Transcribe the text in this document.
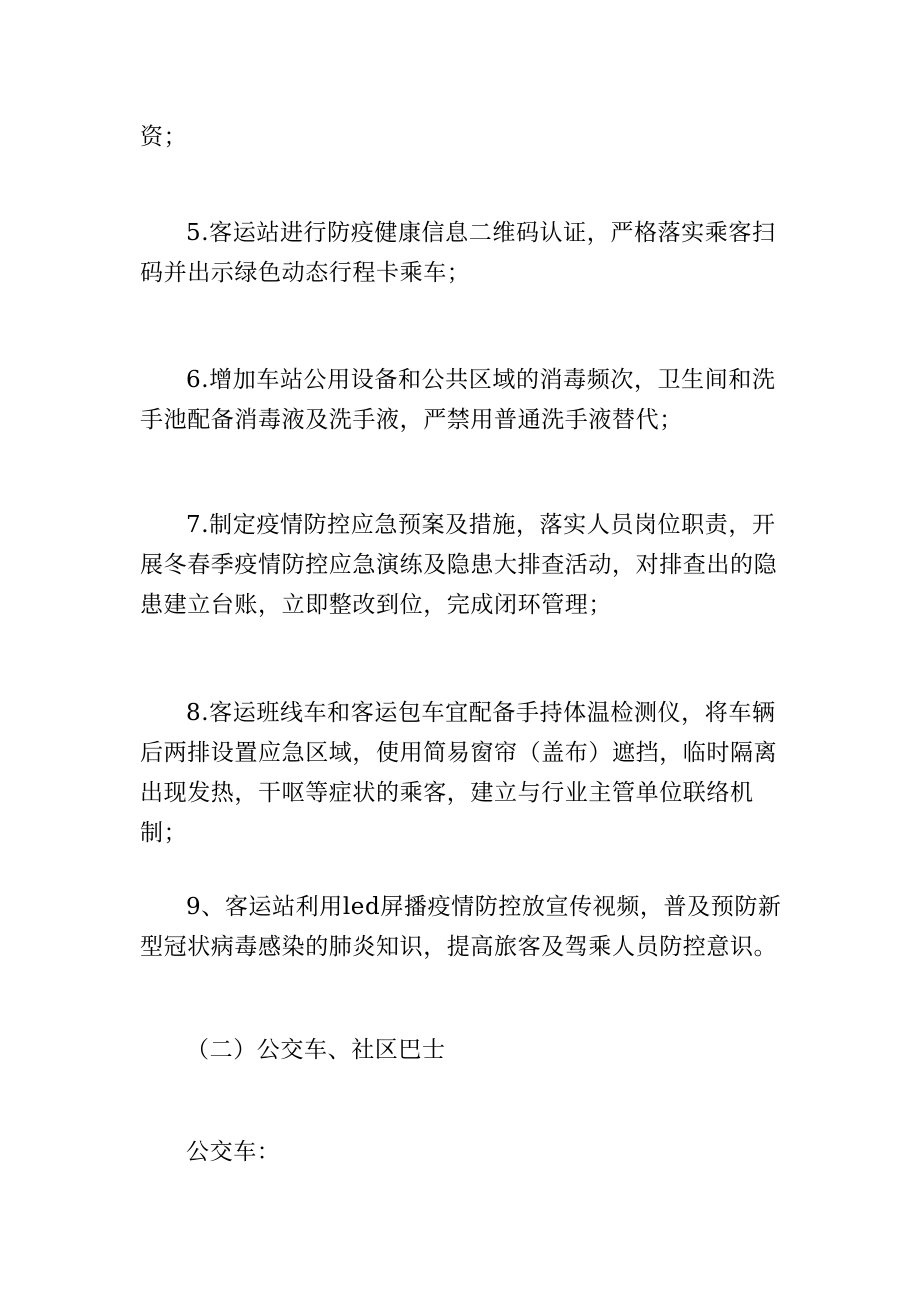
资；

5.客运站进行防疫健康信息二维码认证，严格落实乘客扫码并出示绿色动态行程卡乘车；

6.增加车站公用设备和公共区域的消毒频次，卫生间和洗手池配备消毒液及洗手液，严禁用普通洗手液替代；

7.制定疫情防控应急预案及措施，落实人员岗位职责，开展冬春季疫情防控应急演练及隐患大排查活动，对排查出的隐患建立台账，立即整改到位，完成闭环管理；

8.客运班线车和客运包车宜配备手持体温检测仪，将车辆后两排设置应急区域，使用简易窗帘（盖布）遮挡，临时隔离出现发热，干呕等症状的乘客，建立与行业主管单位联络机制；

9、客运站利用led屏播疫情防控放宣传视频，普及预防新型冠状病毒感染的肺炎知识，提高旅客及驾乘人员防控意识。

（二）公交车、社区巴士

公交车：
